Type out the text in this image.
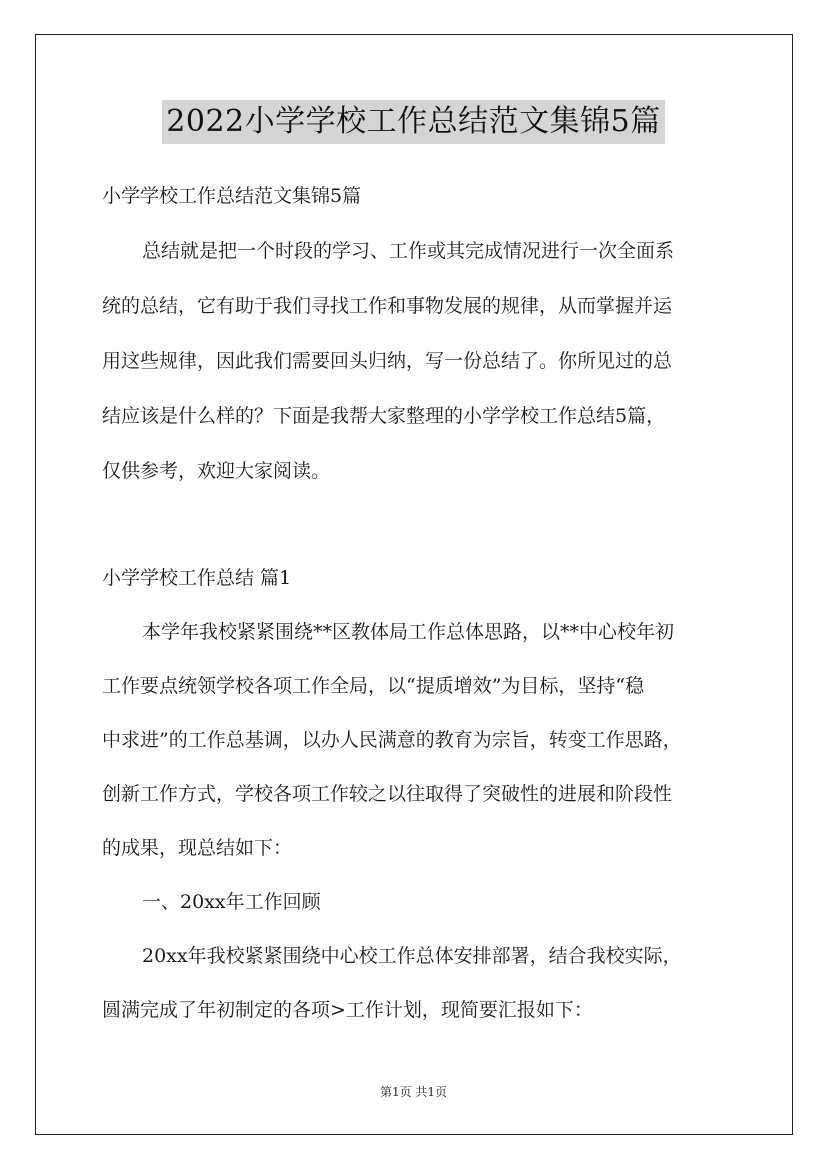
2022小学学校工作总结范文集锦5篇
小学学校工作总结范文集锦5篇
总结就是把一个时段的学习、工作或其完成情况进行一次全面系
统的总结，它有助于我们寻找工作和事物发展的规律，从而掌握并运
用这些规律，因此我们需要回头归纳，写一份总结了。你所见过的总
结应该是什么样的？下面是我帮大家整理的小学学校工作总结5篇，
仅供参考，欢迎大家阅读。
小学学校工作总结 篇1
本学年我校紧紧围绕**区教体局工作总体思路，以**中心校年初
工作要点统领学校各项工作全局，以“提质增效”为目标，坚持“稳
中求进”的工作总基调，以办人民满意的教育为宗旨，转变工作思路，
创新工作方式，学校各项工作较之以往取得了突破性的进展和阶段性
的成果，现总结如下：
一、20xx年工作回顾
20xx年我校紧紧围绕中心校工作总体安排部署，结合我校实际，
圆满完成了年初制定的各项>工作计划，现简要汇报如下：
第1页 共1页
